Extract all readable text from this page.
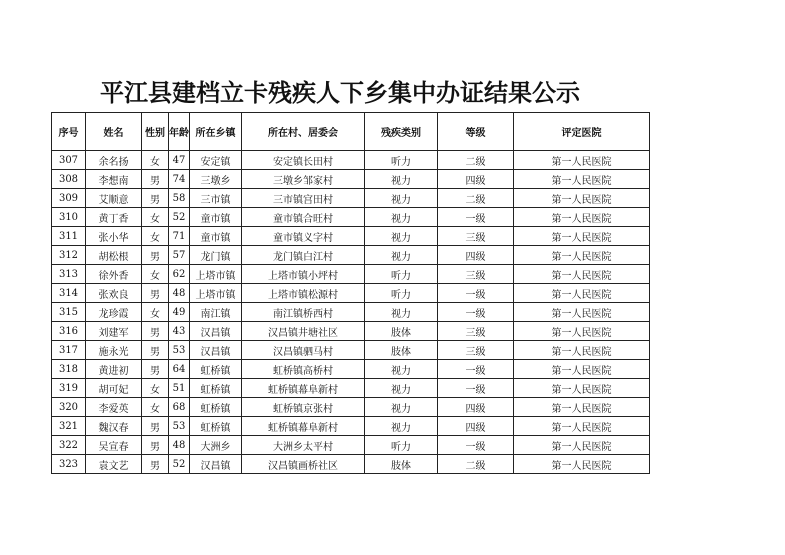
平江县建档立卡残疾人下乡集中办证结果公示
序号	姓名	性别	年龄	所在乡镇	所在村、居委会	残疾类别	等级	评定医院
307	余名扬	女	47	安定镇	安定镇长田村	听力	二级	第一人民医院
308	李想南	男	74	三墩乡	三墩乡邹家村	视力	四级	第一人民医院
309	艾顺意	男	58	三市镇	三市镇宫田村	视力	二级	第一人民医院
310	黄丁香	女	52	童市镇	童市镇合旺村	视力	一级	第一人民医院
311	张小华	女	71	童市镇	童市镇义字村	视力	三级	第一人民医院
312	胡松根	男	57	龙门镇	龙门镇白江村	视力	四级	第一人民医院
313	徐外香	女	62	上塔市镇	上塔市镇小坪村	听力	三级	第一人民医院
314	张欢良	男	48	上塔市镇	上塔市镇松源村	听力	一级	第一人民医院
315	龙珍霞	女	49	南江镇	南江镇桥西村	视力	一级	第一人民医院
316	刘建军	男	43	汉昌镇	汉昌镇井塘社区	肢体	三级	第一人民医院
317	施永光	男	53	汉昌镇	汉昌镇驷马村	肢体	三级	第一人民医院
318	黄进初	男	64	虹桥镇	虹桥镇高桥村	视力	一级	第一人民医院
319	胡可妃	女	51	虹桥镇	虹桥镇幕阜新村	视力	一级	第一人民医院
320	李爱英	女	68	虹桥镇	虹桥镇京张村	视力	四级	第一人民医院
321	魏汉春	男	53	虹桥镇	虹桥镇幕阜新村	视力	四级	第一人民医院
322	吴宣春	男	48	大洲乡	大洲乡太平村	听力	一级	第一人民医院
323	袁文艺	男	52	汉昌镇	汉昌镇画桥社区	肢体	二级	第一人民医院
